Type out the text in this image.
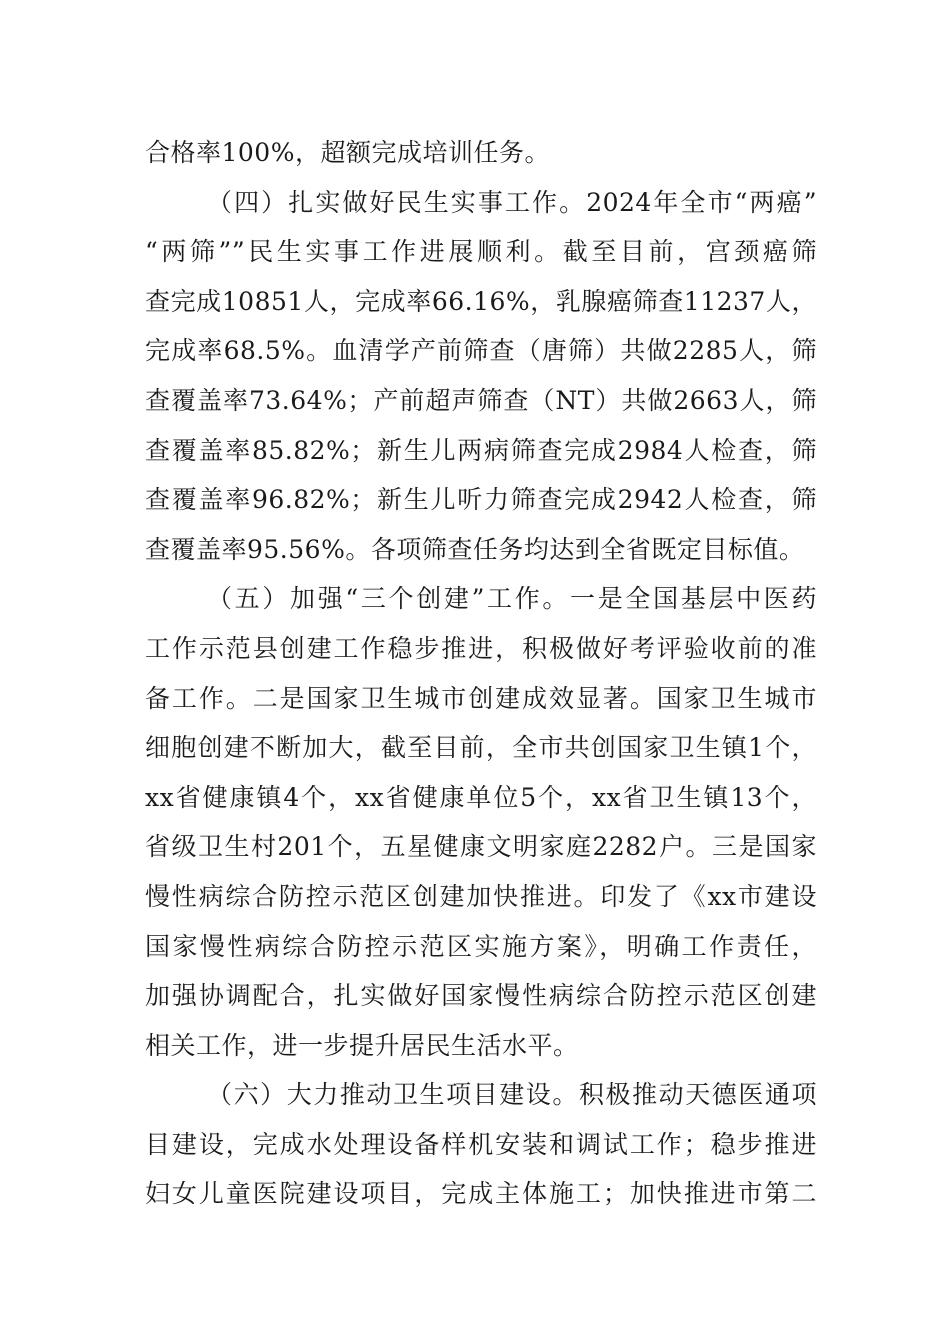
合格率100%，超额完成培训任务。
（四）扎实做好民生实事工作。2024年全市“两癌”
“两筛””民生实事工作进展顺利。截至目前，宫颈癌筛
查完成10851人，完成率66.16%，乳腺癌筛查11237人，
完成率68.5%。血清学产前筛查（唐筛）共做2285人，筛
查覆盖率73.64%；产前超声筛查（NT）共做2663人，筛
查覆盖率85.82%；新生儿两病筛查完成2984人检查，筛
查覆盖率96.82%；新生儿听力筛查完成2942人检查，筛
查覆盖率95.56%。各项筛查任务均达到全省既定目标值。
（五）加强“三个创建”工作。一是全国基层中医药
工作示范县创建工作稳步推进，积极做好考评验收前的准
备工作。二是国家卫生城市创建成效显著。国家卫生城市
细胞创建不断加大，截至目前，全市共创国家卫生镇1个，
xx省健康镇4个，xx省健康单位5个，xx省卫生镇13个，
省级卫生村201个，五星健康文明家庭2282户。三是国家
慢性病综合防控示范区创建加快推进。印发了《xx市建设
国家慢性病综合防控示范区实施方案》，明确工作责任，
加强协调配合，扎实做好国家慢性病综合防控示范区创建
相关工作，进一步提升居民生活水平。
（六）大力推动卫生项目建设。积极推动天德医通项
目建设，完成水处理设备样机安装和调试工作；稳步推进
妇女儿童医院建设项目，完成主体施工；加快推进市第二
